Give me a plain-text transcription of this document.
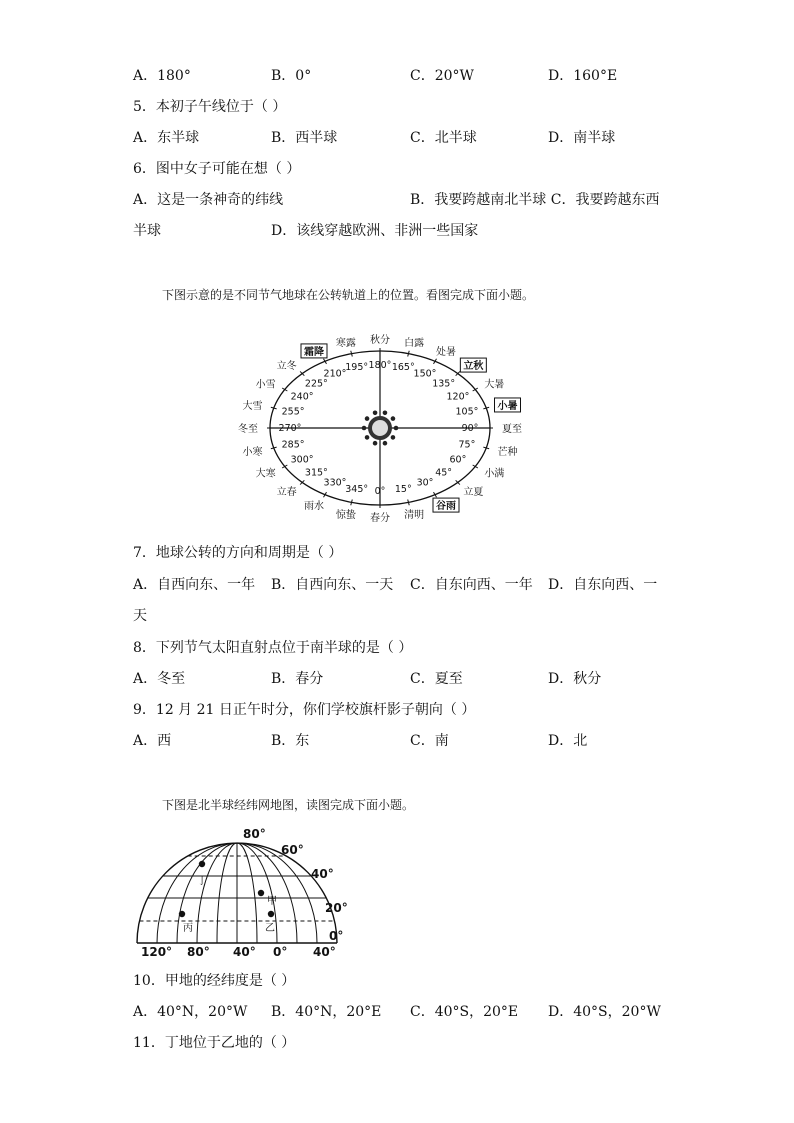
A．180°	B．0°	C．20°W	D．160°E
5．本初子午线位于（ ）
A．东半球	B．西半球	C．北半球	D．南半球
6．图中女子可能在想（ ）
A．这是一条神奇的纬线	B．我要跨越南北半球 C．我要跨越东西
半球	D．该线穿越欧洲、非洲一些国家
下图示意的是不同节气地球在公转轨道上的位置。看图完成下面小题。
秋分
180°
白露
165°
处暑
150°
立秋
135°	大暑
120°
小暑
105°
夏至
90°
芒种
75°
小满
60°
立夏
45°
谷雨
30°
清明
15°
春分
0°
惊蛰
345°
雨水
330°
立春
315°
大寒
300°
小寒
285°
冬至 270°
大雪
255°
小雪
240°
立冬
225°
霜降
210°
寒露
195°
7．地球公转的方向和周期是（ ）
A．自西向东、一年 B．自西向东、一天 C．自东向西、一年 D．自东向西、一
天
8．下列节气太阳直射点位于南半球的是（ ）
A．冬至	B．春分	C．夏至	D．秋分
9．12 月 21 日正午时分，你们学校旗杆影子朝向（ ）
A．西	B．东	C．南	D．北
下图是北半球经纬网地图，读图完成下面小题。
80°
60°
40°
20°
0°
120° 80° 40° 0° 40°
丁
甲
丙	乙
10．甲地的经纬度是（ ）
A．40°N，20°W B．40°N，20°E C．40°S，20°E D．40°S，20°W
11．丁地位于乙地的（ ）
